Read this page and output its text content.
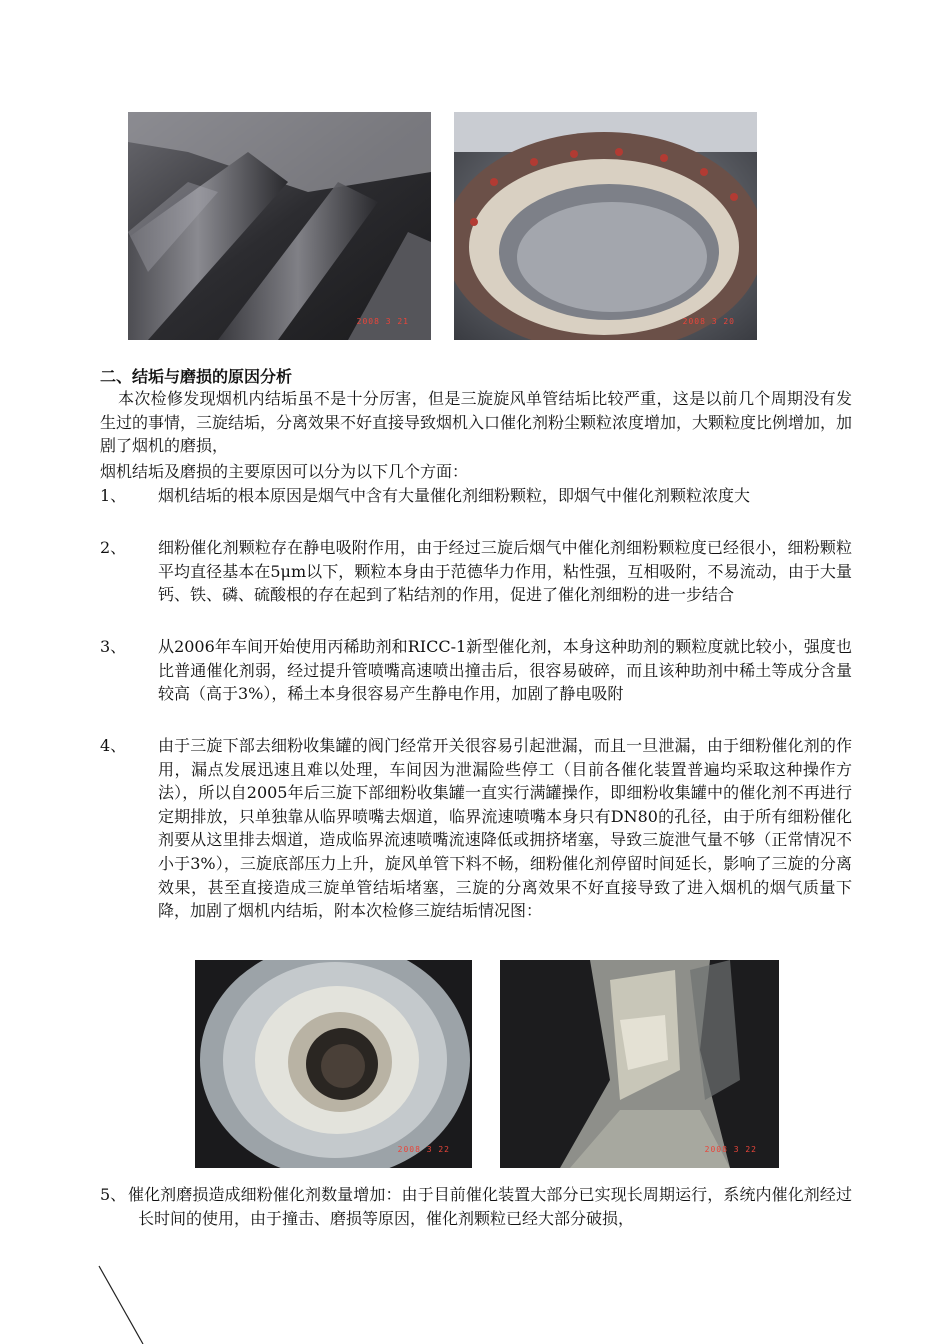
2008 3 21	2008 3 20
二、结垢与磨损的原因分析
本次检修发现烟机内结垢虽不是十分厉害，但是三旋旋风单管结垢比较严重，这是以前几个周期没有发生过的事情，三旋结垢，分离效果不好直接导致烟机入口催化剂粉尘颗粒浓度增加，大颗粒度比例增加，加剧了烟机的磨损，
烟机结垢及磨损的主要原因可以分为以下几个方面：
1、 烟机结垢的根本原因是烟气中含有大量催化剂细粉颗粒，即烟气中催化剂颗粒浓度大
2、 细粉催化剂颗粒存在静电吸附作用，由于经过三旋后烟气中催化剂细粉颗粒度已经很小，细粉颗粒平均直径基本在5μm以下，颗粒本身由于范德华力作用，粘性强，互相吸附，不易流动，由于大量钙、铁、磷、硫酸根的存在起到了粘结剂的作用，促进了催化剂细粉的进一步结合
3、 从2006年车间开始使用丙稀助剂和RICC-1新型催化剂，本身这种助剂的颗粒度就比较小，强度也比普通催化剂弱，经过提升管喷嘴高速喷出撞击后，很容易破碎，而且该种助剂中稀土等成分含量较高（高于3%），稀土本身很容易产生静电作用，加剧了静电吸附
4、 由于三旋下部去细粉收集罐的阀门经常开关很容易引起泄漏，而且一旦泄漏，由于细粉催化剂的作用，漏点发展迅速且难以处理，车间因为泄漏险些停工（目前各催化装置普遍均采取这种操作方法），所以自2005年后三旋下部细粉收集罐一直实行满罐操作，即细粉收集罐中的催化剂不再进行定期排放，只单独靠从临界喷嘴去烟道，临界流速喷嘴本身只有DN80的孔径，由于所有细粉催化剂要从这里排去烟道，造成临界流速喷嘴流速降低或拥挤堵塞，导致三旋泄气量不够（正常情况不小于3%），三旋底部压力上升，旋风单管下料不畅，细粉催化剂停留时间延长，影响了三旋的分离效果，甚至直接造成三旋单管结垢堵塞，三旋的分离效果不好直接导致了进入烟机的烟气质量下降，加剧了烟机内结垢，附本次检修三旋结垢情况图：
2008 3 22	2008 3 22
5、 催化剂磨损造成细粉催化剂数量增加：由于目前催化装置大部分已实现长周期运行，系统内催化剂经过长时间的使用，由于撞击、磨损等原因，催化剂颗粒已经大部分破损，
